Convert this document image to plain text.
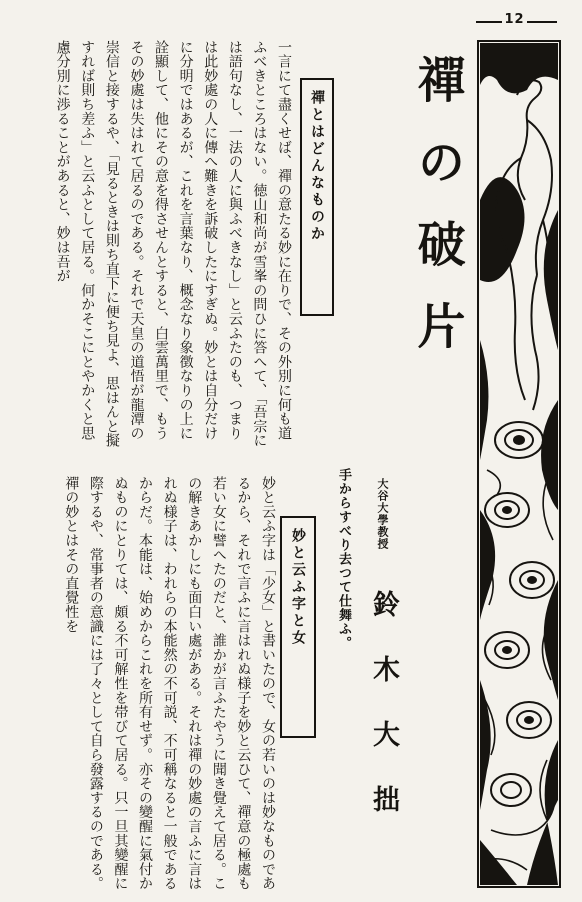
12
禪の破片
大谷大學教授
鈴木大拙
手からすべり去つて仕舞ふ。
禪とはどんなものか
一言にて盡くせば、禪の意たる妙に在りで、その外別に何も道ふべきところはない。徳山和尚が雪峯の問ひに答へて、「吾宗には語句なし、一法の人に與ふべきなし」と云ふたのも、つまりは此妙處の人に傳へ難きを訴破したにすぎぬ。妙とは自分だけに分明ではあるが、これを言葉なり、概念なり象徴なりの上に詮顯して、他にその意を得させんとすると、白雲萬里で、もうその妙處は失はれて居るのである。それで天皇の道悟が龍潭の崇信と接するや、「見るときは則ち直下に便ち見よ、思はんと擬すれば則ち差ふ」と云ふとして居る。何かそこにとやかくと思慮分別に渉ることがあると、妙は吾が
妙と云ふ字と女
妙と云ふ字は「少女」と書いたので、女の若いのは妙なものであるから、それで言ふに言はれぬ様子を妙と云ひて、禪意の極處も若い女に譬へたのだと、誰かが言ふたやうに聞き覺えて居る。この解きあかしにも面白い處がある。それは禪の妙處の言ふに言はれぬ様子は、われらの本能然の不可説、不可稱なると一般であるからだ。本能は、始めからこれを所有せず。亦その變醒に氣付かぬものにとりては、頗る不可解性を帯びて居る。只一旦其變醒に際するや、常事者の意識には了々として自ら發露するのである。禪の妙とはその直覺性を
